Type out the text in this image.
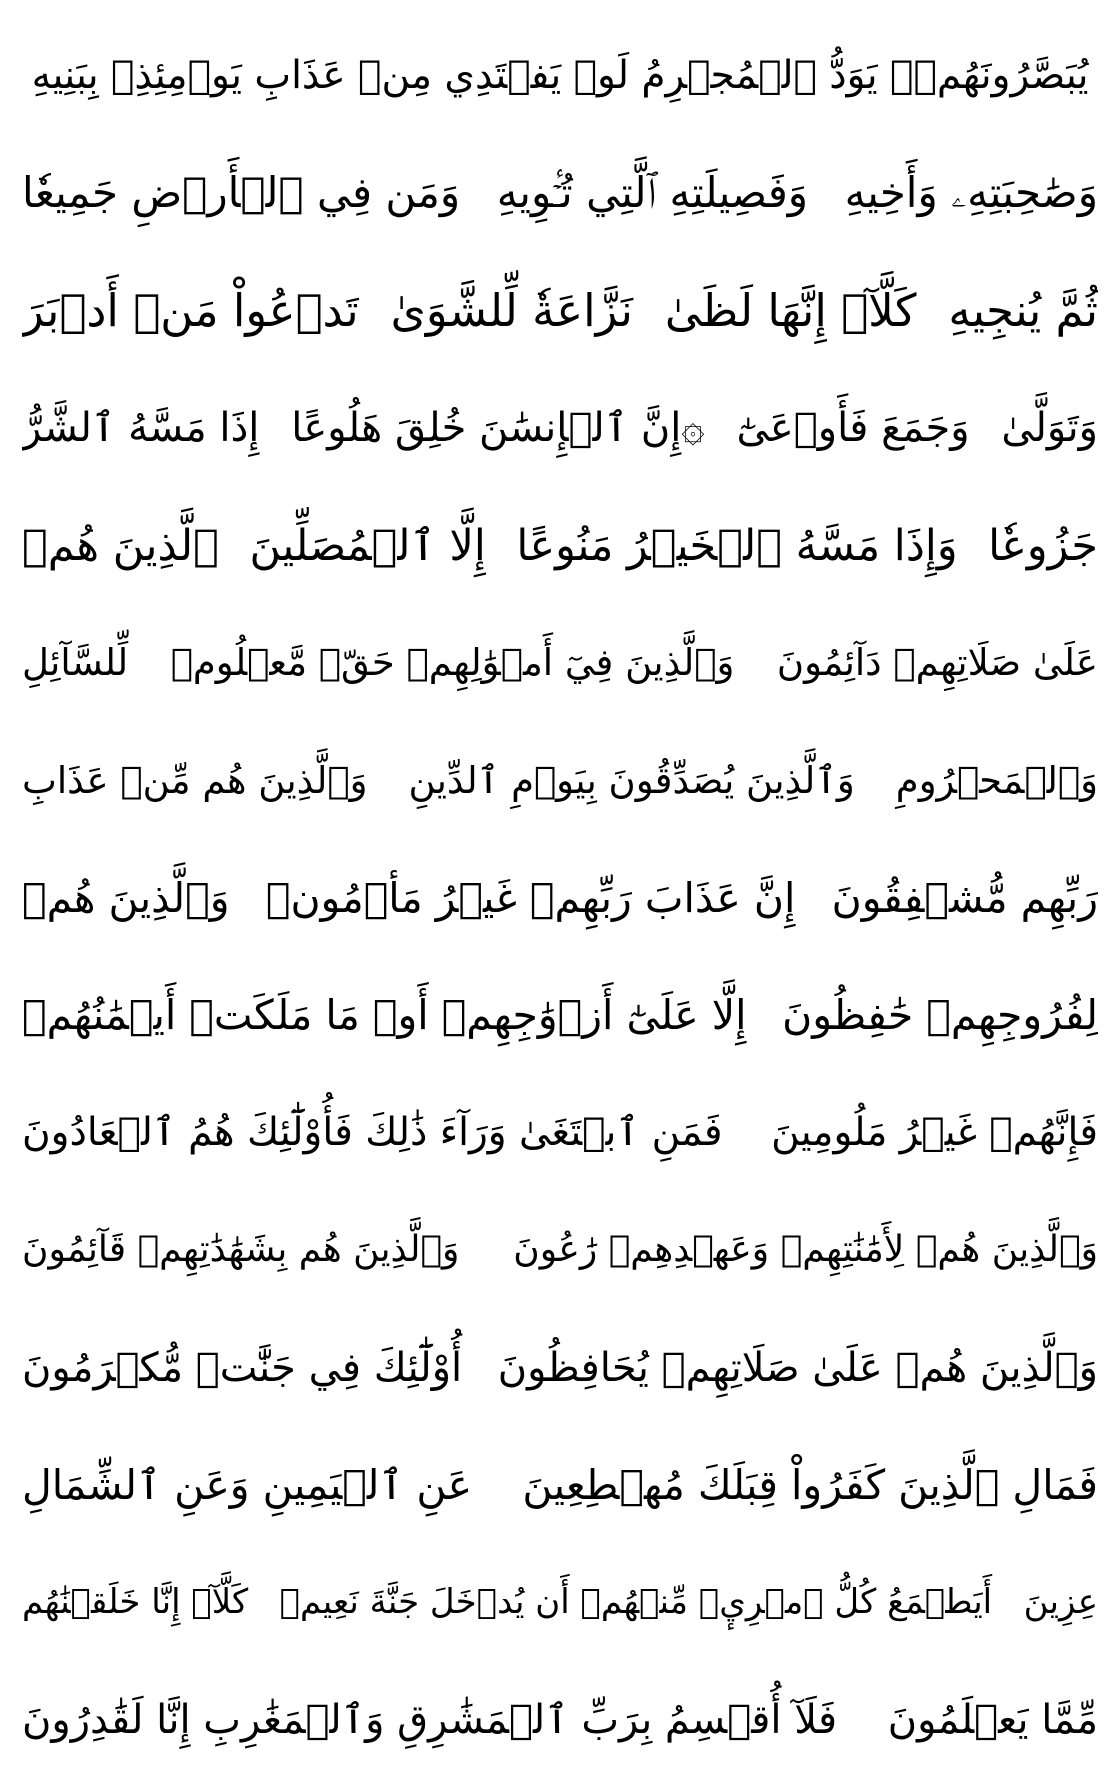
يُبَصَّرُونَهُمۡۚ يَوَدُّ ٱلۡمُجۡرِمُ لَوۡ يَفۡتَدِي مِنۡ عَذَابِ يَوۡمِئِذِۭ بِبَنِيهِ
وَصَٰحِبَتِهِۦ وَأَخِيهِ
وَفَصِيلَتِهِ ٱلَّتِي تُـٔۡوِيهِ
وَمَن فِي ٱلۡأَرۡضِ جَمِيعٗا
ثُمَّ يُنجِيهِ
كَلَّآۖ إِنَّهَا لَظَىٰ
نَزَّاعَةٗ لِّلشَّوَىٰ
تَدۡعُواْ مَنۡ أَدۡبَرَ
وَتَوَلَّىٰ
وَجَمَعَ فَأَوۡعَىٰٓ
۞إِنَّ ٱلۡإِنسَٰنَ خُلِقَ هَلُوعًا
إِذَا مَسَّهُ ٱلشَّرُّ
جَزُوعٗا
وَإِذَا مَسَّهُ ٱلۡخَيۡرُ مَنُوعًا
إِلَّا ٱلۡمُصَلِّينَ
ٱلَّذِينَ هُمۡ
عَلَىٰ صَلَاتِهِمۡ دَآئِمُونَ
وَٱلَّذِينَ فِيٓ أَمۡوَٰلِهِمۡ حَقّٞ مَّعۡلُومٞ
لِّلسَّآئِلِ
وَٱلۡمَحۡرُومِ
وَٱلَّذِينَ يُصَدِّقُونَ بِيَوۡمِ ٱلدِّينِ
وَٱلَّذِينَ هُم مِّنۡ عَذَابِ
رَبِّهِم مُّشۡفِقُونَ
إِنَّ عَذَابَ رَبِّهِمۡ غَيۡرُ مَأۡمُونٖ
وَٱلَّذِينَ هُمۡ
لِفُرُوجِهِمۡ حَٰفِظُونَ
إِلَّا عَلَىٰٓ أَزۡوَٰجِهِمۡ أَوۡ مَا مَلَكَتۡ أَيۡمَٰنُهُمۡ
فَإِنَّهُمۡ غَيۡرُ مَلُومِينَ
فَمَنِ ٱبۡتَغَىٰ وَرَآءَ ذَٰلِكَ فَأُوْلَٰٓئِكَ هُمُ ٱلۡعَادُونَ
وَٱلَّذِينَ هُمۡ لِأَمَٰنَٰتِهِمۡ وَعَهۡدِهِمۡ رَٰعُونَ
وَٱلَّذِينَ هُم بِشَهَٰدَٰتِهِمۡ قَآئِمُونَ
وَٱلَّذِينَ هُمۡ عَلَىٰ صَلَاتِهِمۡ يُحَافِظُونَ
أُوْلَٰٓئِكَ فِي جَنَّٰتٖ مُّكۡرَمُونَ
فَمَالِ ٱلَّذِينَ كَفَرُواْ قِبَلَكَ مُهۡطِعِينَ
عَنِ ٱلۡيَمِينِ وَعَنِ ٱلشِّمَالِ
عِزِينَ
أَيَطۡمَعُ كُلُّ ٱمۡرِيٕٖ مِّنۡهُمۡ أَن يُدۡخَلَ جَنَّةَ نَعِيمٖ
كَلَّآۖ إِنَّا خَلَقۡنَٰهُم
مِّمَّا يَعۡلَمُونَ
فَلَآ أُقۡسِمُ بِرَبِّ ٱلۡمَشَٰرِقِ وَٱلۡمَغَٰرِبِ إِنَّا لَقَٰدِرُونَ
